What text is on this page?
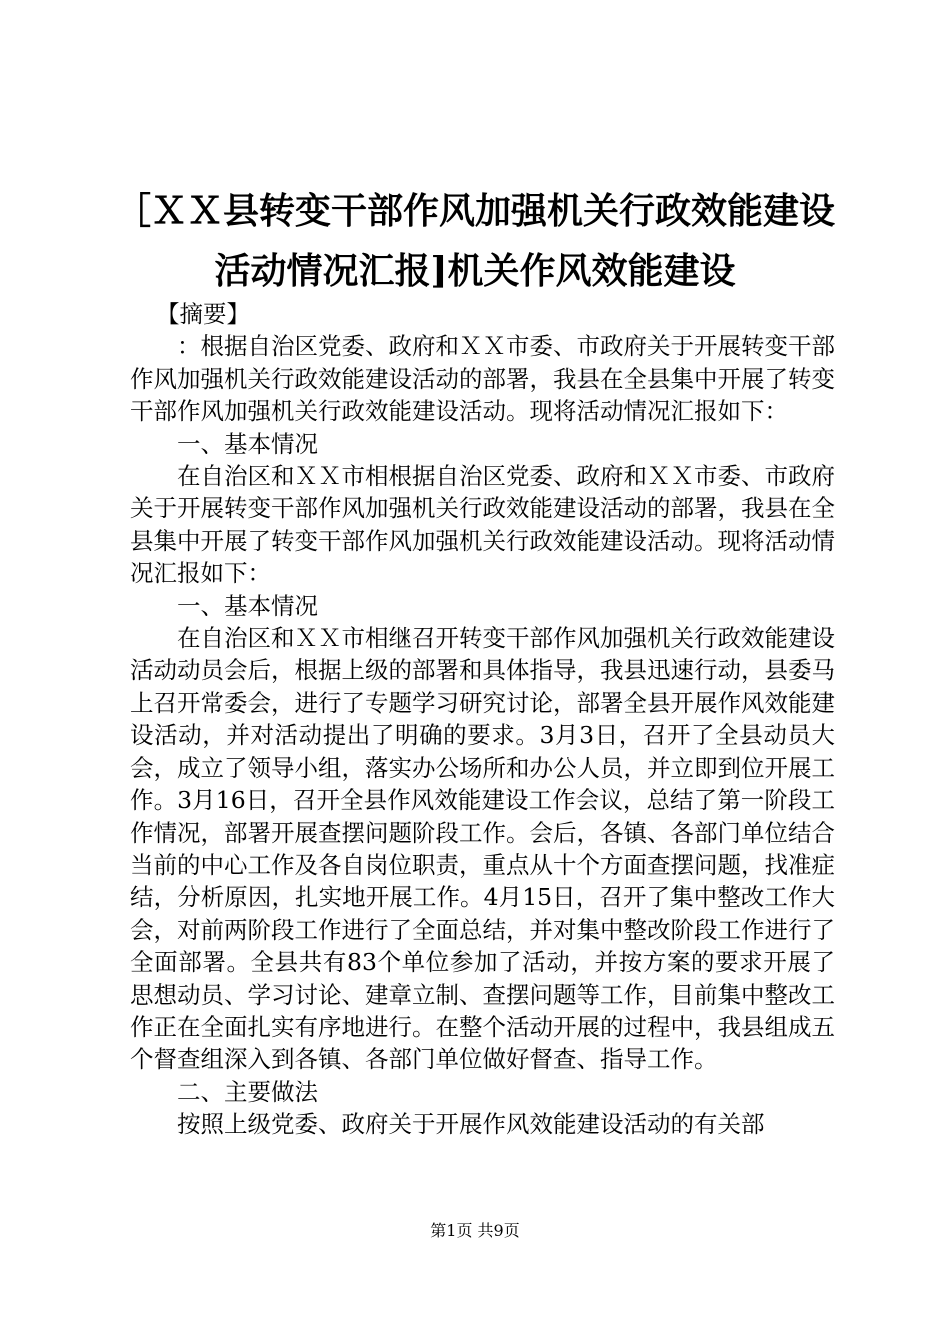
［ＸＸ县转变干部作风加强机关行政效能建设
活动情况汇报]机关作风效能建设

【摘要】

：根据自治区党委、政府和ＸＸ市委、市政府关于开展转变干部作风加强机关行政效能建设活动的部署，我县在全县集中开展了转变干部作风加强机关行政效能建设活动。现将活动情况汇报如下：

一、基本情况

在自治区和ＸＸ市相根据自治区党委、政府和ＸＸ市委、市政府关于开展转变干部作风加强机关行政效能建设活动的部署，我县在全县集中开展了转变干部作风加强机关行政效能建设活动。现将活动情况汇报如下：

一、基本情况

在自治区和ＸＸ市相继召开转变干部作风加强机关行政效能建设活动动员会后，根据上级的部署和具体指导，我县迅速行动，县委马上召开常委会，进行了专题学习研究讨论，部署全县开展作风效能建设活动，并对活动提出了明确的要求。3月3日，召开了全县动员大会，成立了领导小组，落实办公场所和办公人员，并立即到位开展工作。3月16日，召开全县作风效能建设工作会议，总结了第一阶段工作情况，部署开展查摆问题阶段工作。会后，各镇、各部门单位结合当前的中心工作及各自岗位职责，重点从十个方面查摆问题，找准症结，分析原因，扎实地开展工作。4月15日，召开了集中整改工作大会，对前两阶段工作进行了全面总结，并对集中整改阶段工作进行了全面部署。全县共有83个单位参加了活动，并按方案的要求开展了思想动员、学习讨论、建章立制、查摆问题等工作，目前集中整改工作正在全面扎实有序地进行。在整个活动开展的过程中，我县组成五个督查组深入到各镇、各部门单位做好督查、指导工作。

二、主要做法

按照上级党委、政府关于开展作风效能建设活动的有关部

第1页 共9页
